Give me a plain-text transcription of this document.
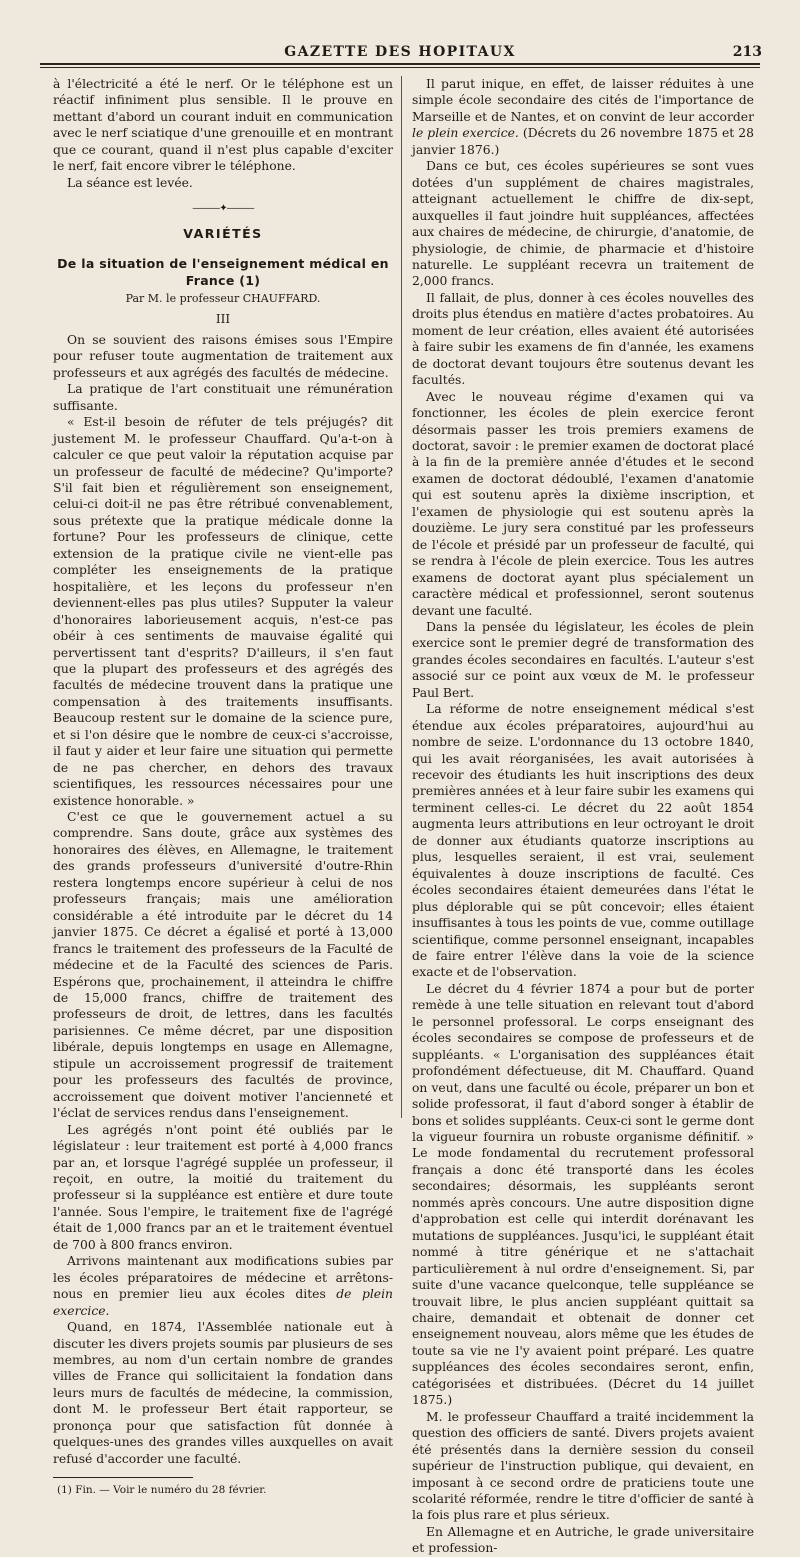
GAZETTE DES HOPITAUX	213

à l'électricité a été le nerf. Or le téléphone est un réactif infiniment plus sensible. Il le prouve en mettant d'abord un courant induit en communication avec le nerf sciatique d'une grenouille et en montrant que ce courant, quand il n'est plus capable d'exciter le nerf, fait encore vibrer le téléphone.

La séance est levée.

———✦———
VARIÉTÉS
De la situation de l'enseignement médical en France (1)
Par M. le professeur CHAUFFARD.
III

On se souvient des raisons émises sous l'Empire pour refuser toute augmentation de traitement aux professeurs et aux agrégés des facultés de médecine.

La pratique de l'art constituait une rémunération suffisante.

« Est-il besoin de réfuter de tels préjugés? dit justement M. le professeur Chauffard. Qu'a-t-on à calculer ce que peut valoir la réputation acquise par un professeur de faculté de médecine? Qu'importe? S'il fait bien et régulièrement son enseignement, celui-ci doit-il ne pas être rétribué convenablement, sous prétexte que la pratique médicale donne la fortune? Pour les professeurs de clinique, cette extension de la pratique civile ne vient-elle pas compléter les enseignements de la pratique hospitalière, et les leçons du professeur n'en deviennent-elles pas plus utiles? Supputer la valeur d'honoraires laborieusement acquis, n'est-ce pas obéir à ces sentiments de mauvaise égalité qui pervertissent tant d'esprits? D'ailleurs, il s'en faut que la plupart des professeurs et des agrégés des facultés de médecine trouvent dans la pratique une compensation à des traitements insuffisants. Beaucoup restent sur le domaine de la science pure, et si l'on désire que le nombre de ceux-ci s'accroisse, il faut y aider et leur faire une situation qui permette de ne pas chercher, en dehors des travaux scientifiques, les ressources nécessaires pour une existence honorable. »

C'est ce que le gouvernement actuel a su comprendre. Sans doute, grâce aux systèmes des honoraires des élèves, en Allemagne, le traitement des grands professeurs d'université d'outre-Rhin restera longtemps encore supérieur à celui de nos professeurs français; mais une amélioration considérable a été introduite par le décret du 14 janvier 1875. Ce décret a égalisé et porté à 13,000 francs le traitement des professeurs de la Faculté de médecine et de la Faculté des sciences de Paris. Espérons que, prochainement, il atteindra le chiffre de 15,000 francs, chiffre de traitement des professeurs de droit, de lettres, dans les facultés parisiennes. Ce même décret, par une disposition libérale, depuis longtemps en usage en Allemagne, stipule un accroissement progressif de traitement pour les professeurs des facultés de province, accroissement que doivent motiver l'ancienneté et l'éclat de services rendus dans l'enseignement.

Les agrégés n'ont point été oubliés par le législateur : leur traitement est porté à 4,000 francs par an, et lorsque l'agrégé supplée un professeur, il reçoit, en outre, la moitié du traitement du professeur si la suppléance est entière et dure toute l'année. Sous l'empire, le traitement fixe de l'agrégé était de 1,000 francs par an et le traitement éventuel de 700 à 800 francs environ.

Arrivons maintenant aux modifications subies par les écoles préparatoires de médecine et arrêtons-nous en premier lieu aux écoles dites de plein exercice.

Quand, en 1874, l'Assemblée nationale eut à discuter les divers projets soumis par plusieurs de ses membres, au nom d'un certain nombre de grandes villes de France qui sollicitaient la fondation dans leurs murs de facultés de médecine, la commission, dont M. le professeur Bert était rapporteur, se prononça pour que satisfaction fût donnée à quelques-unes des grandes villes auxquelles on avait refusé d'accorder une faculté.

(1) Fin. — Voir le numéro du 28 février.

Il parut inique, en effet, de laisser réduites à une simple école secondaire des cités de l'importance de Marseille et de Nantes, et on convint de leur accorder le plein exercice. (Décrets du 26 novembre 1875 et 28 janvier 1876.)

Dans ce but, ces écoles supérieures se sont vues dotées d'un supplément de chaires magistrales, atteignant actuellement le chiffre de dix-sept, auxquelles il faut joindre huit suppléances, affectées aux chaires de médecine, de chirurgie, d'anatomie, de physiologie, de chimie, de pharmacie et d'histoire naturelle. Le suppléant recevra un traitement de 2,000 francs.

Il fallait, de plus, donner à ces écoles nouvelles des droits plus étendus en matière d'actes probatoires. Au moment de leur création, elles avaient été autorisées à faire subir les examens de fin d'année, les examens de doctorat devant toujours être soutenus devant les facultés.

Avec le nouveau régime d'examen qui va fonctionner, les écoles de plein exercice feront désormais passer les trois premiers examens de doctorat, savoir : le premier examen de doctorat placé à la fin de la première année d'études et le second examen de doctorat dédoublé, l'examen d'anatomie qui est soutenu après la dixième inscription, et l'examen de physiologie qui est soutenu après la douzième. Le jury sera constitué par les professeurs de l'école et présidé par un professeur de faculté, qui se rendra à l'école de plein exercice. Tous les autres examens de doctorat ayant plus spécialement un caractère médical et professionnel, seront soutenus devant une faculté.

Dans la pensée du législateur, les écoles de plein exercice sont le premier degré de transformation des grandes écoles secondaires en facultés. L'auteur s'est associé sur ce point aux vœux de M. le professeur Paul Bert.

La réforme de notre enseignement médical s'est étendue aux écoles préparatoires, aujourd'hui au nombre de seize. L'ordonnance du 13 octobre 1840, qui les avait réorganisées, les avait autorisées à recevoir des étudiants les huit inscriptions des deux premières années et à leur faire subir les examens qui terminent celles-ci. Le décret du 22 août 1854 augmenta leurs attributions en leur octroyant le droit de donner aux étudiants quatorze inscriptions au plus, lesquelles seraient, il est vrai, seulement équivalentes à douze inscriptions de faculté. Ces écoles secondaires étaient demeurées dans l'état le plus déplorable qui se pût concevoir; elles étaient insuffisantes à tous les points de vue, comme outillage scientifique, comme personnel enseignant, incapables de faire entrer l'élève dans la voie de la science exacte et de l'observation.

Le décret du 4 février 1874 a pour but de porter remède à une telle situation en relevant tout d'abord le personnel professoral. Le corps enseignant des écoles secondaires se compose de professeurs et de suppléants. « L'organisation des suppléances était profondément défectueuse, dit M. Chauffard. Quand on veut, dans une faculté ou école, préparer un bon et solide professorat, il faut d'abord songer à établir de bons et solides suppléants. Ceux-ci sont le germe dont la vigueur fournira un robuste organisme définitif. » Le mode fondamental du recrutement professoral français a donc été transporté dans les écoles secondaires; désormais, les suppléants seront nommés après concours. Une autre disposition digne d'approbation est celle qui interdit dorénavant les mutations de suppléances. Jusqu'ici, le suppléant était nommé à titre générique et ne s'attachait particulièrement à nul ordre d'enseignement. Si, par suite d'une vacance quelconque, telle suppléance se trouvait libre, le plus ancien suppléant quittait sa chaire, demandait et obtenait de donner cet enseignement nouveau, alors même que les études de toute sa vie ne l'y avaient point préparé. Les quatre suppléances des écoles secondaires seront, enfin, catégorisées et distribuées. (Décret du 14 juillet 1875.)

M. le professeur Chauffard a traité incidemment la question des officiers de santé. Divers projets avaient été présentés dans la dernière session du conseil supérieur de l'instruction publique, qui devaient, en imposant à ce second ordre de praticiens toute une scolarité réformée, rendre le titre d'officier de santé à la fois plus rare et plus sérieux.

En Allemagne et en Autriche, le grade universitaire et profession-
